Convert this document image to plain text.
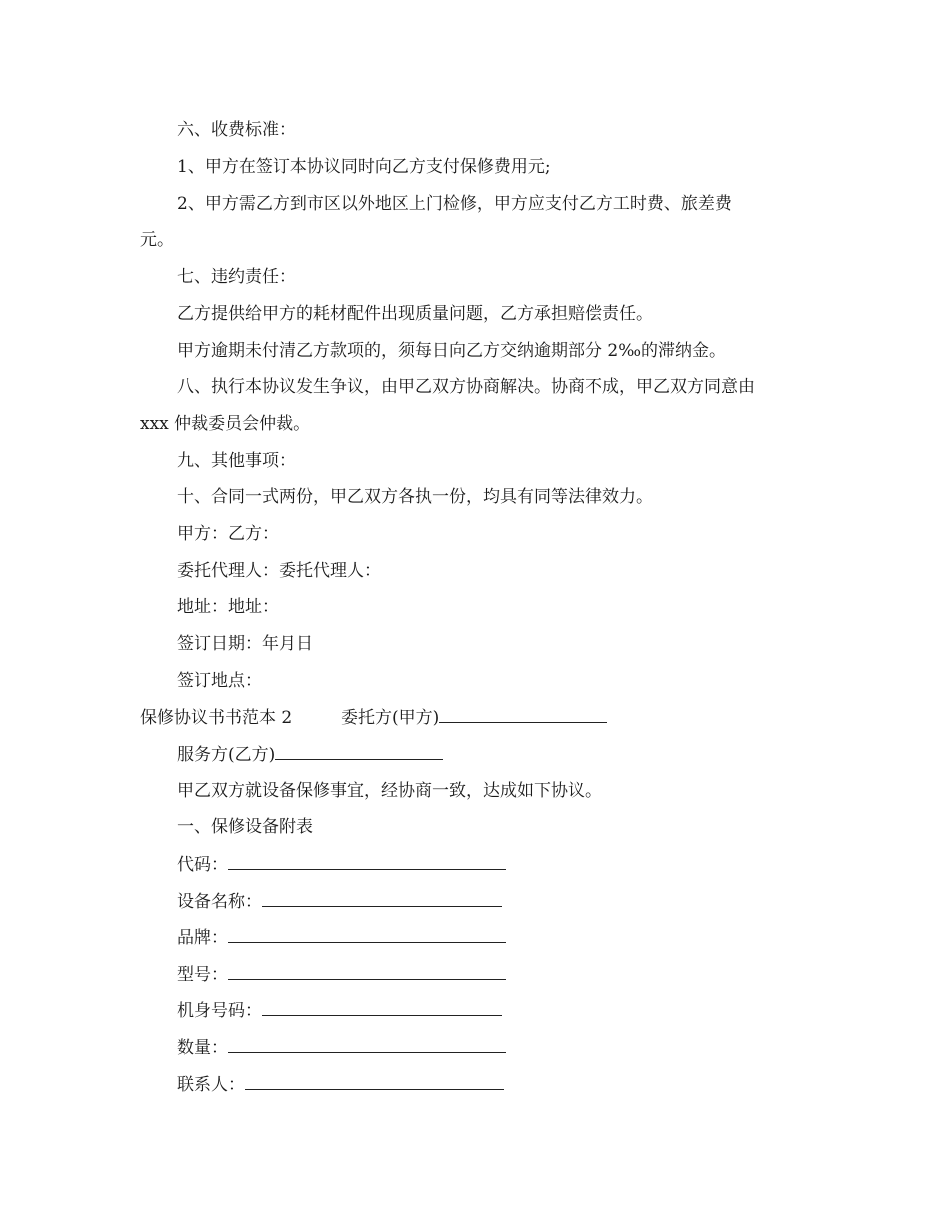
六、收费标准：
1、甲方在签订本协议同时向乙方支付保修费用元;
2、甲方需乙方到市区以外地区上门检修，甲方应支付乙方工时费、旅差费
元。
七、违约责任：
乙方提供给甲方的耗材配件出现质量问题，乙方承担赔偿责任。
甲方逾期未付清乙方款项的，须每日向乙方交纳逾期部分 2‰的滞纳金。
八、执行本协议发生争议，由甲乙双方协商解决。协商不成，甲乙双方同意由
xxx 仲裁委员会仲裁。
九、其他事项：
十、合同一式两份，甲乙双方各执一份，均具有同等法律效力。
甲方：乙方：
委托代理人：委托代理人：
地址：地址：
签订日期：年月日
签订地点：
保修协议书书范本 2	委托方(甲方)
服务方(乙方)
甲乙双方就设备保修事宜，经协商一致，达成如下协议。
一、保修设备附表
代码：
设备名称：
品牌：
型号：
机身号码：
数量：
联系人：
